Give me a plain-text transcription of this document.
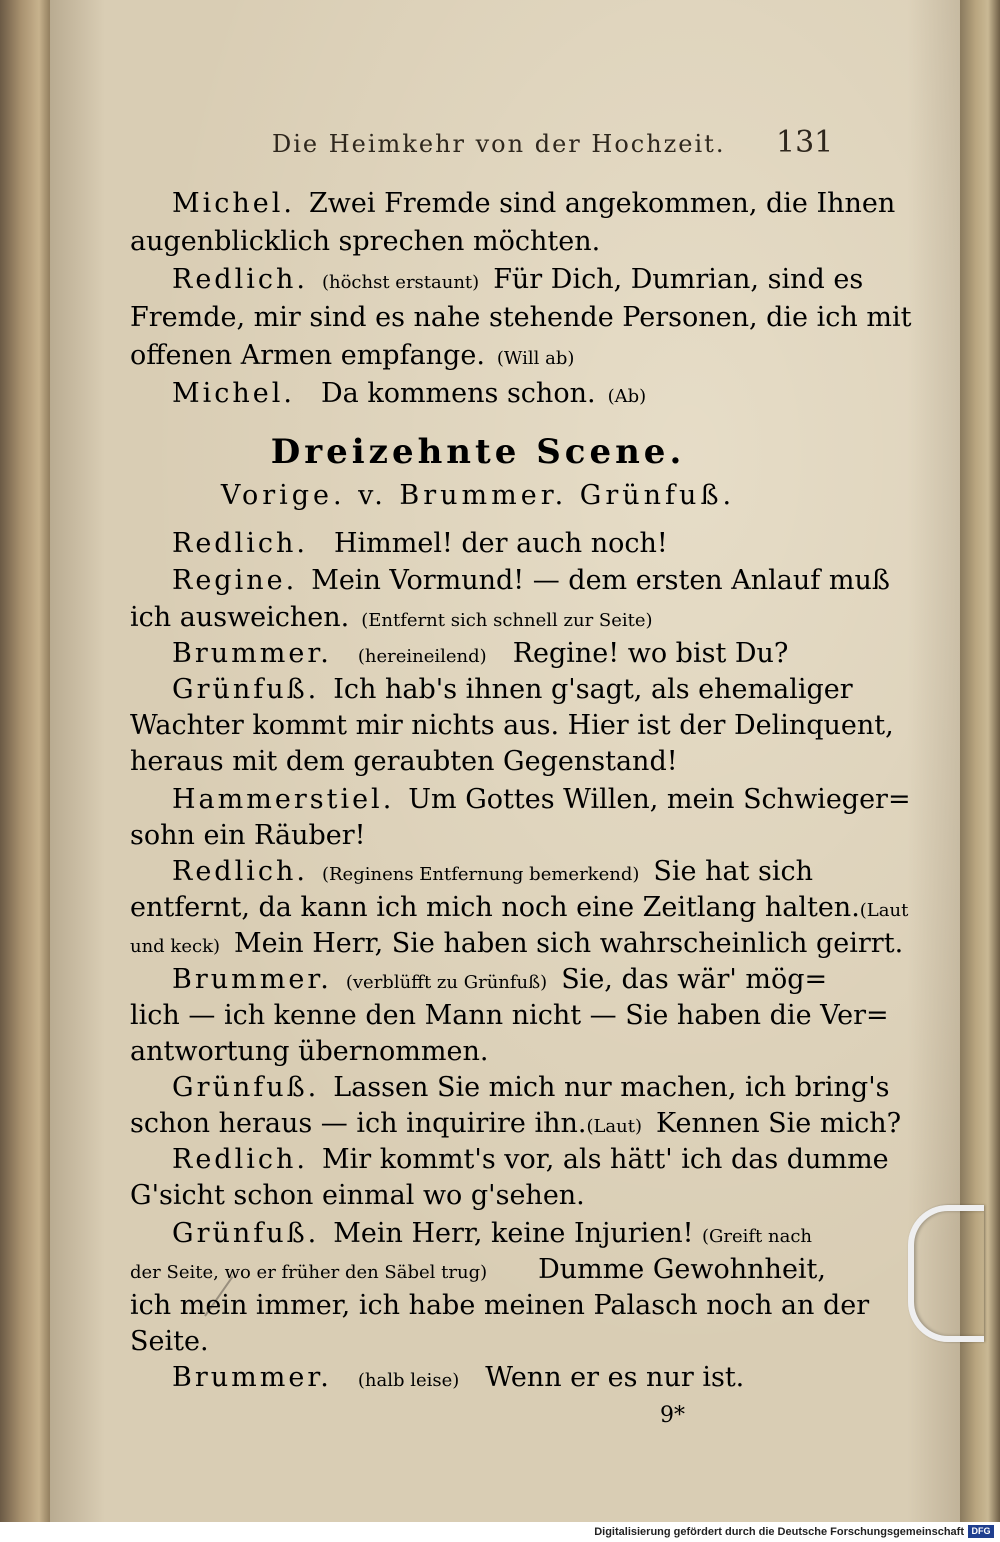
Die Heimkehr von der Hochzeit. 131
Michel. Zwei Fremde sind angekommen, die Ihnen
augenblicklich sprechen möchten.
Redlich. (höchst erstaunt) Für Dich, Dumrian, sind es
Fremde, mir sind es nahe stehende Personen, die ich mit
offenen Armen empfange. (Will ab)
Michel. Da kommens schon. (Ab)
Dreizehnte Scene.
Vorige. v. Brummer. Grünfuß.
Redlich. Himmel! der auch noch!
Regine. Mein Vormund! — dem ersten Anlauf muß
ich ausweichen. (Entfernt sich schnell zur Seite)
Brummer. (hereineilend) Regine! wo bist Du?
Grünfuß. Ich hab's ihnen g'sagt, als ehemaliger
Wachter kommt mir nichts aus. Hier ist der Delinquent,
heraus mit dem geraubten Gegenstand!
Hammerstiel. Um Gottes Willen, mein Schwieger=
sohn ein Räuber!
Redlich. (Reginens Entfernung bemerkend) Sie hat sich
entfernt, da kann ich mich noch eine Zeitlang halten. (Laut
und keck) Mein Herr, Sie haben sich wahrscheinlich geirrt.
Brummer. (verblüfft zu Grünfuß) Sie, das wär' mög=
lich — ich kenne den Mann nicht — Sie haben die Ver=
antwortung übernommen.
Grünfuß. Lassen Sie mich nur machen, ich bring's
schon heraus — ich inquirire ihn. (Laut) Kennen Sie mich?
Redlich. Mir kommt's vor, als hätt' ich das dumme
G'sicht schon einmal wo g'sehen.
Grünfuß. Mein Herr, keine Injurien! (Greift nach
der Seite, wo er früher den Säbel trug) Dumme Gewohnheit,
ich mein immer, ich habe meinen Palasch noch an der
Seite.
Brummer. (halb leise) Wenn er es nur ist.
9*
Digitalisierung gefördert durch die Deutsche Forschungsgemeinschaft DFG
